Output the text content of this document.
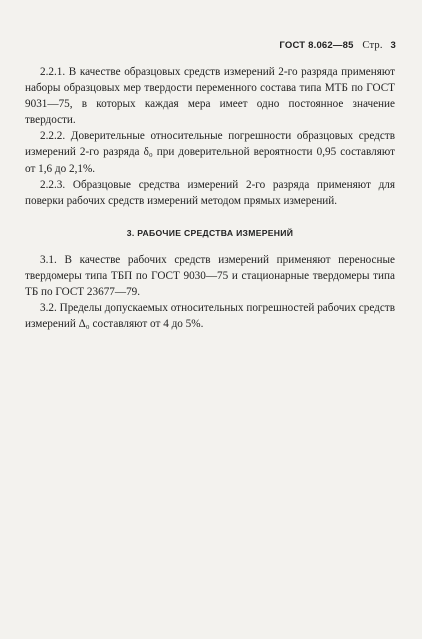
ГОСТ 8.062—85 Стр. 3

2.2.1. В качестве образцовых средств измерений 2-го разряда применяют наборы образцовых мер твердости переменного состава типа МТБ по ГОСТ 9031—75, в которых каждая мера имеет одно постоянное значение твердости.

2.2.2. Доверительные относительные погрешности образцовых средств измерений 2-го разряда δ₀ при доверительной вероятности 0,95 составляют от 1,6 до 2,1%.

2.2.3. Образцовые средства измерений 2-го разряда применяют для поверки рабочих средств измерений методом прямых измерений.

3. РАБОЧИЕ СРЕДСТВА ИЗМЕРЕНИЙ

3.1. В качестве рабочих средств измерений применяют переносные твердомеры типа ТБП по ГОСТ 9030—75 и стационарные твердомеры типа ТБ по ГОСТ 23677—79.

3.2. Пределы допускаемых относительных погрешностей рабочих средств измерений Δ₀ составляют от 4 до 5%.
